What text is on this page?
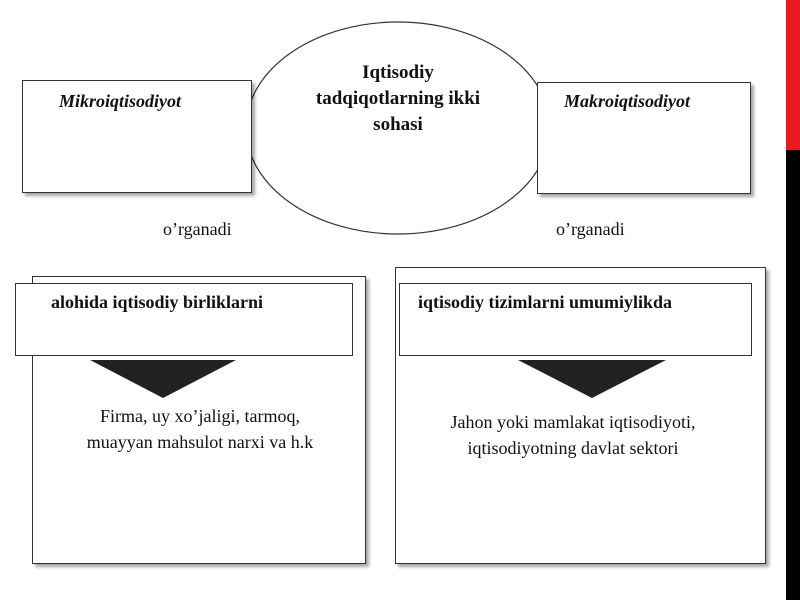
Iqtisodiy
tadqiqotlarning ikki
sohasi
Mikroiqtisodiyot	Makroiqtisodiyot
o’rganadi	o’rganadi
alohida iqtisodiy birliklarni	iqtisodiy tizimlarni umumiylikda
Firma, uy xo’jaligi, tarmoq,
muayyan mahsulot narxi va h.k
Jahon yoki mamlakat iqtisodiyoti,
iqtisodiyotning davlat sektori
